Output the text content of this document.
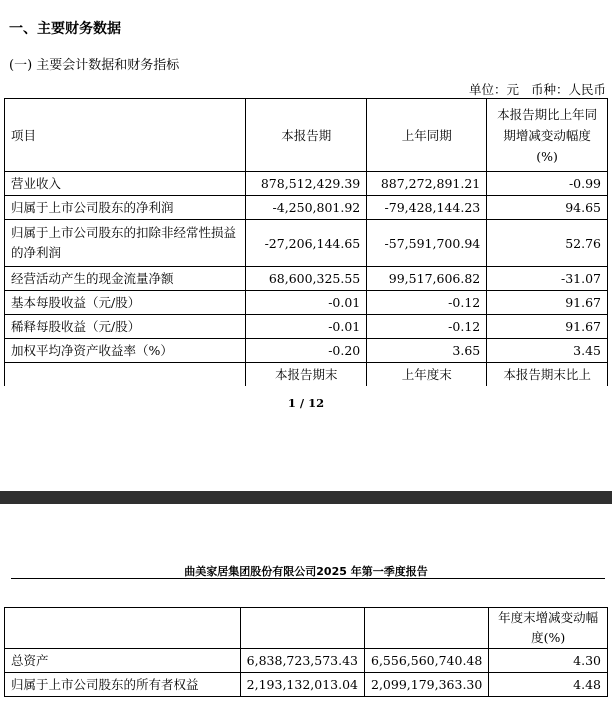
一、主要财务数据
(一) 主要会计数据和财务指标
单位：元 币种：人民币
项目	本报告期	上年同期	本报告期比上年同期增减变动幅度(%)
营业收入	878,512,429.39	887,272,891.21	-0.99
归属于上市公司股东的净利润	-4,250,801.92	-79,428,144.23	94.65
归属于上市公司股东的扣除非经常性损益的净利润	-27,206,144.65	-57,591,700.94	52.76
经营活动产生的现金流量净额	68,600,325.55	99,517,606.82	-31.07
基本每股收益（元/股）	-0.01	-0.12	91.67
稀释每股收益（元/股）	-0.01	-0.12	91.67
加权平均净资产收益率（%）	-0.20	3.65	3.45
	本报告期末	上年度末	本报告期末比上
1 / 12
曲美家居集团股份有限公司2025 年第一季度报告
			年度末增减变动幅度(%)
总资产	6,838,723,573.43	6,556,560,740.48	4.30
归属于上市公司股东的所有者权益	2,193,132,013.04	2,099,179,363.30	4.48
